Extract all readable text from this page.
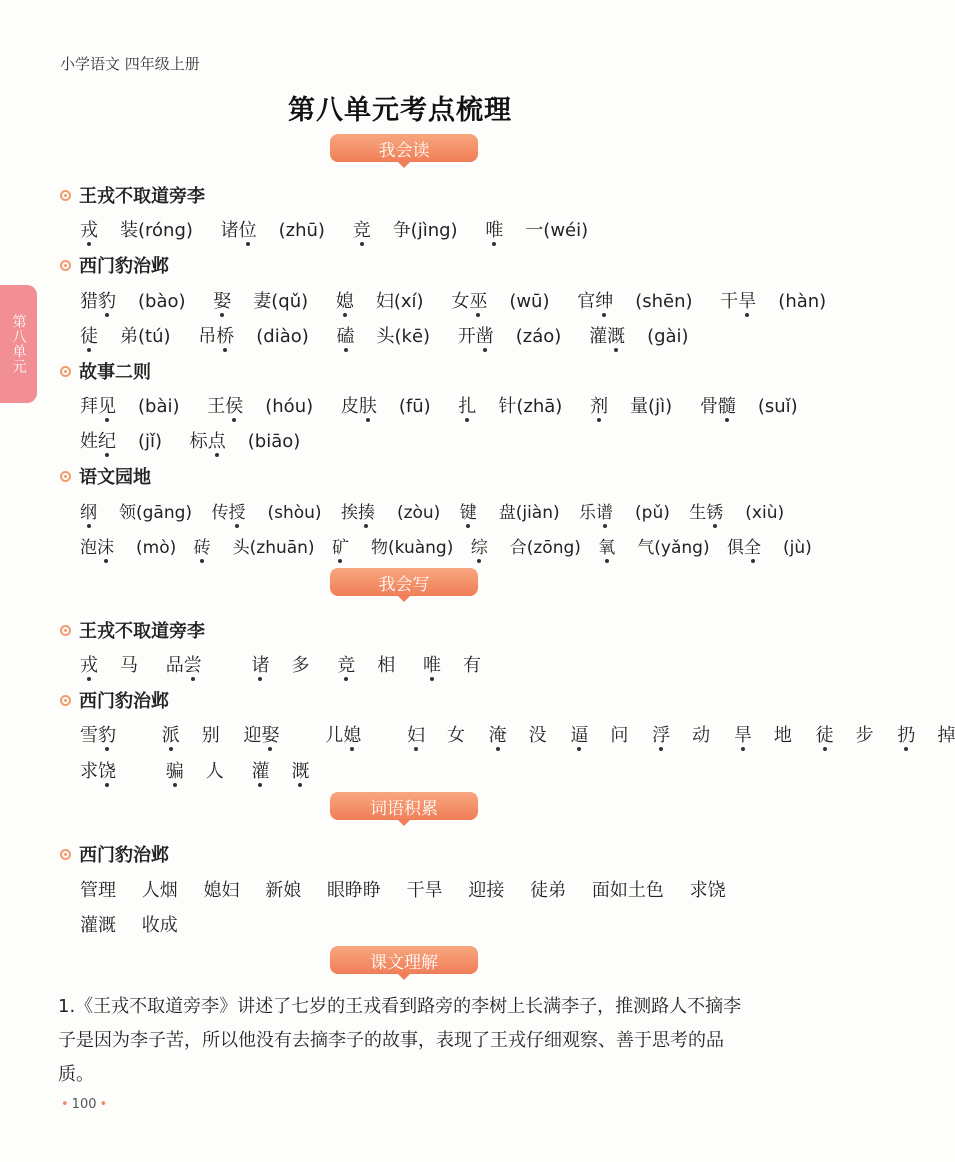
小学语文 四年级上册
第八单元考点梳理
第八单元
我会读
王戎不取道旁李
戎 装(róng) 诸位 (zhū) 竞 争(jìng) 唯 一(wéi)
西门豹治邺
猎豹 (bào) 娶 妻(qǔ) 媳 妇(xí) 女巫 (wū) 官绅 (shēn) 干旱 (hàn)
徒 弟(tú) 吊桥 (diào) 磕 头(kē) 开凿 (záo) 灌溉 (gài)
故事二则
拜见 (bài) 王侯 (hóu) 皮肤 (fū) 扎 针(zhā) 剂 量(jì) 骨髓 (suǐ)
姓纪 (jǐ) 标点 (biāo)
语文园地
纲 领(gāng) 传授 (shòu) 挨揍 (zòu) 键 盘(jiàn) 乐谱 (pǔ) 生锈 (xiù)
泡沫 (mò) 砖 头(zhuān) 矿 物(kuàng) 综 合(zōng) 氧 气(yǎng) 俱全 (jù)
我会写
王戎不取道旁李
戎 马 品尝	诸 多 竞 相 唯 有
西门豹治邺
雪豹	派 别 迎娶	儿媳	妇 女 淹 没 逼 问 浮 动 旱 地 徒 步 扔 掉
求饶	骗 人 灌 溉
词语积累
西门豹治邺
管理 人烟 媳妇 新娘 眼睁睁 干旱 迎接 徒弟 面如土色 求饶
灌溉 收成
课文理解
1.《王戎不取道旁李》讲述了七岁的王戎看到路旁的李树上长满李子，推测路人不摘李子是因为李子苦，所以他没有去摘李子的故事，表现了王戎仔细观察、善于思考的品质。
• 100 •
